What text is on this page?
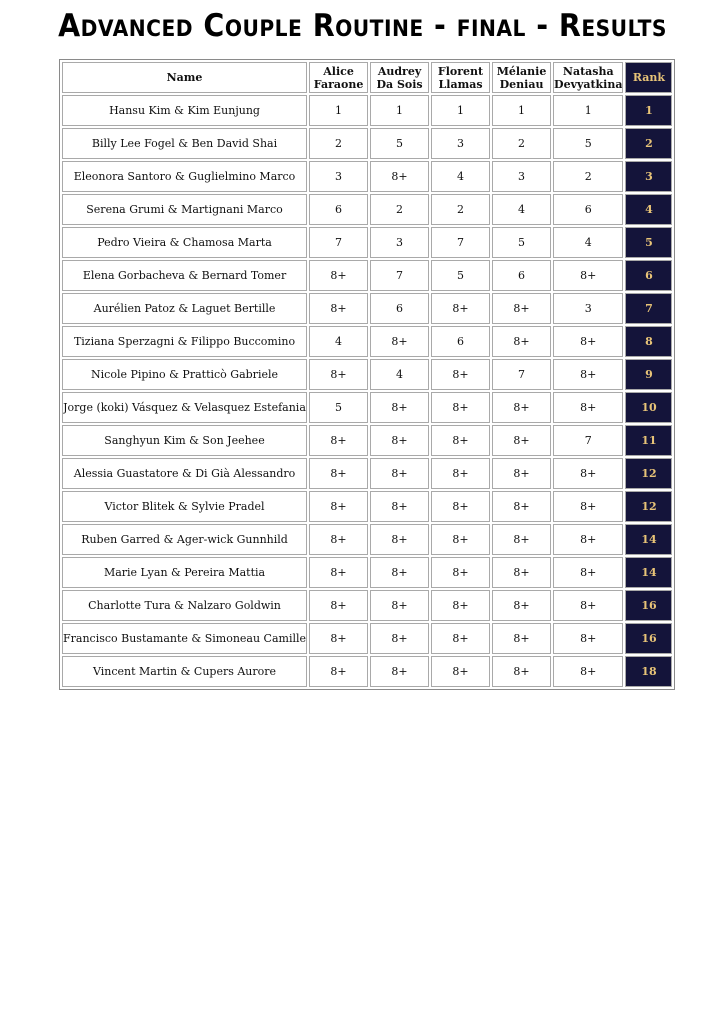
Advanced Couple Routine - final - Results
Name	Alice Faraone	Audrey Da Sois	Florent Llamas	Mélanie Deniau	Natasha Devyatkina	Rank
Hansu Kim & Kim Eunjung	1	1	1	1	1	1
Billy Lee Fogel & Ben David Shai	2	5	3	2	5	2
Eleonora Santoro & Guglielmino Marco	3	8+	4	3	2	3
Serena Grumi & Martignani Marco	6	2	2	4	6	4
Pedro Vieira & Chamosa Marta	7	3	7	5	4	5
Elena Gorbacheva & Bernard Tomer	8+	7	5	6	8+	6
Aurélien Patoz & Laguet Bertille	8+	6	8+	8+	3	7
Tiziana Sperzagni & Filippo Buccomino	4	8+	6	8+	8+	8
Nicole Pipino & Pratticò Gabriele	8+	4	8+	7	8+	9
Jorge (koki) Vásquez & Velasquez Estefania	5	8+	8+	8+	8+	10
Sanghyun Kim & Son Jeehee	8+	8+	8+	8+	7	11
Alessia Guastatore & Di Già Alessandro	8+	8+	8+	8+	8+	12
Victor Blitek & Sylvie Pradel	8+	8+	8+	8+	8+	12
Ruben Garred & Ager-wick Gunnhild	8+	8+	8+	8+	8+	14
Marie Lyan & Pereira Mattia	8+	8+	8+	8+	8+	14
Charlotte Tura & Nalzaro Goldwin	8+	8+	8+	8+	8+	16
Francisco Bustamante & Simoneau Camille	8+	8+	8+	8+	8+	16
Vincent Martin & Cupers Aurore	8+	8+	8+	8+	8+	18
